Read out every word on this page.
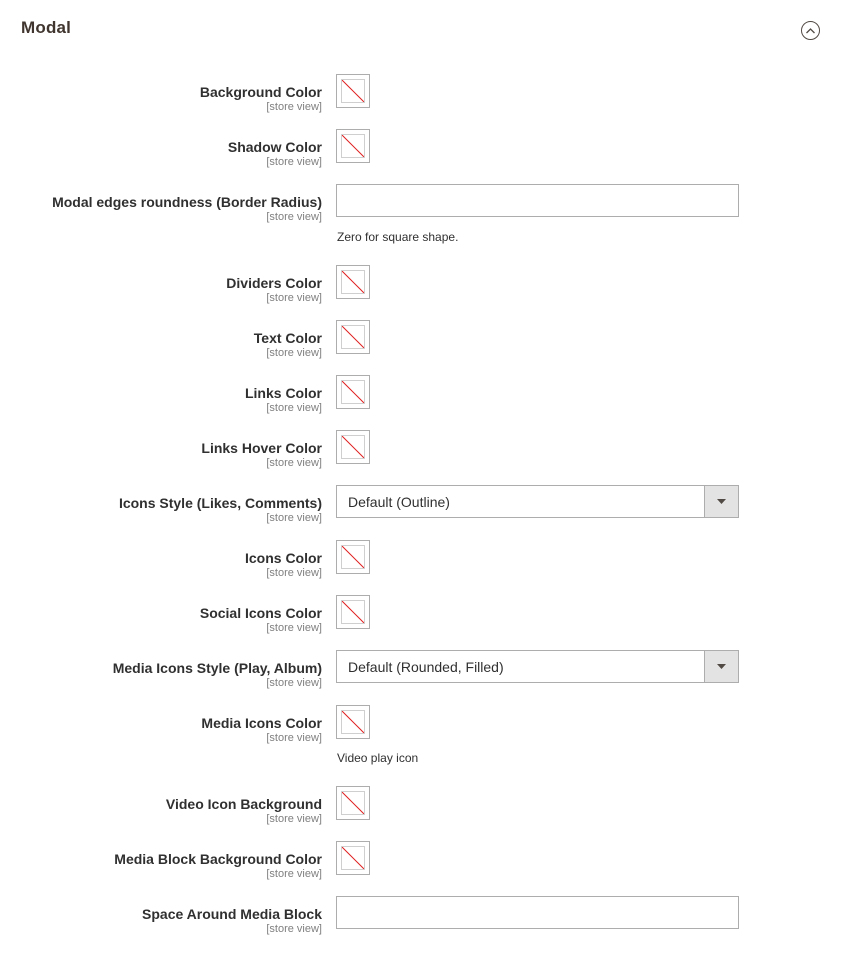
Modal
Background Color
[store view]
Shadow Color
[store view]
Modal edges roundness (Border Radius)
[store view]
Zero for square shape.
Dividers Color
[store view]
Text Color
[store view]
Links Color
[store view]
Links Hover Color
[store view]
Icons Style (Likes, Comments)
[store view]
Default (Outline)
Icons Color
[store view]
Social Icons Color
[store view]
Media Icons Style (Play, Album)
[store view]
Default (Rounded, Filled)
Media Icons Color
[store view]
Video play icon
Video Icon Background
[store view]
Media Block Background Color
[store view]
Space Around Media Block
[store view]
